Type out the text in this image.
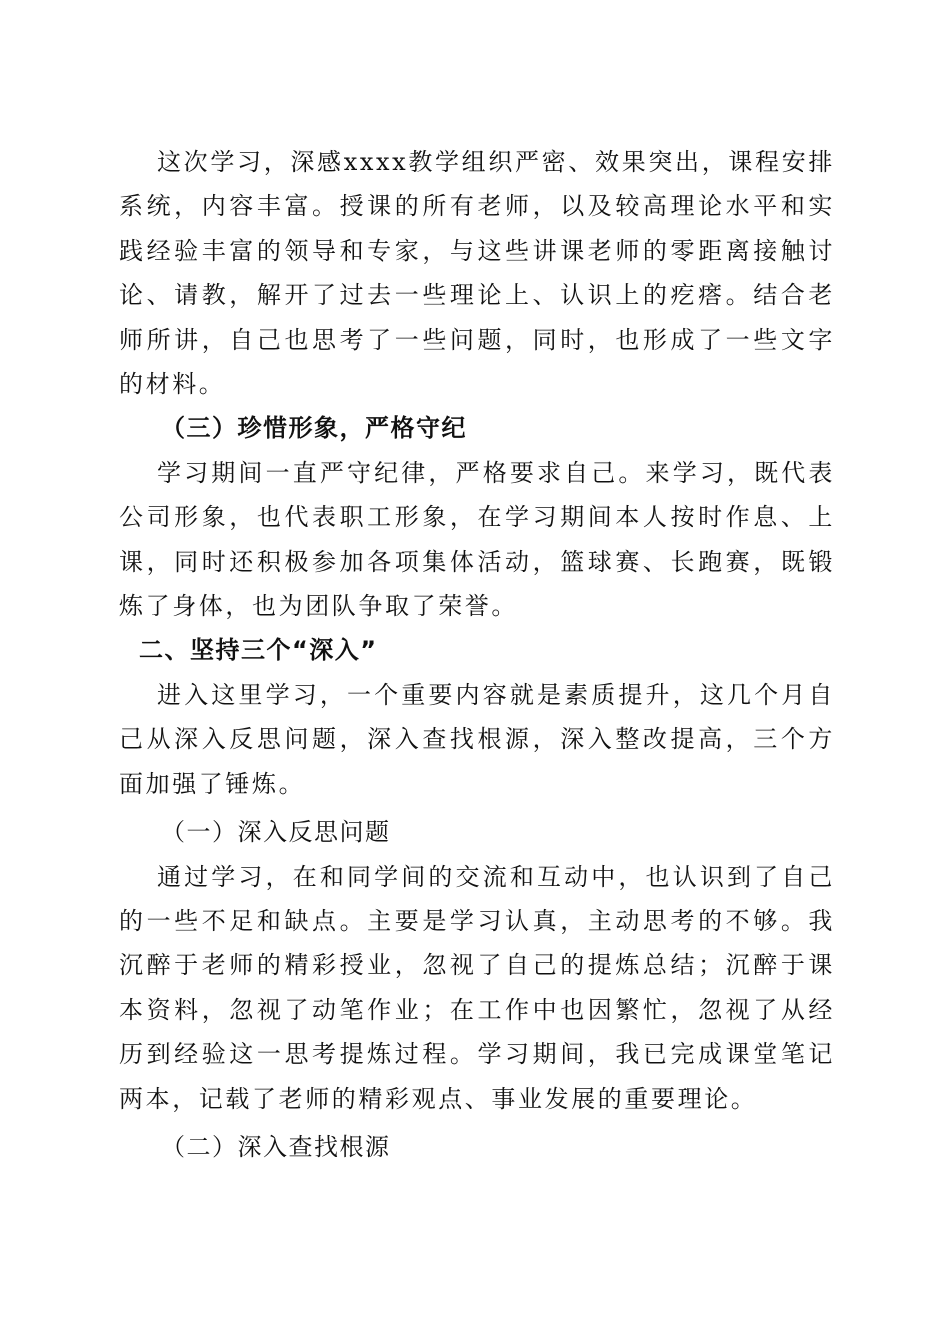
这次学习，深感xxxx教学组织严密、效果突出，课程安排系统，内容丰富。授课的所有老师，以及较高理论水平和实践经验丰富的领导和专家，与这些讲课老师的零距离接触讨论、请教，解开了过去一些理论上、认识上的疙瘩。结合老师所讲，自己也思考了一些问题，同时，也形成了一些文字的材料。

（三）珍惜形象，严格守纪

学习期间一直严守纪律，严格要求自己。来学习，既代表公司形象，也代表职工形象，在学习期间本人按时作息、上课，同时还积极参加各项集体活动，篮球赛、长跑赛，既锻炼了身体，也为团队争取了荣誉。

二、坚持三个“深入”

进入这里学习，一个重要内容就是素质提升，这几个月自己从深入反思问题，深入查找根源，深入整改提高，三个方面加强了锤炼。

（一）深入反思问题

通过学习，在和同学间的交流和互动中，也认识到了自己的一些不足和缺点。主要是学习认真，主动思考的不够。我沉醉于老师的精彩授业，忽视了自己的提炼总结；沉醉于课本资料，忽视了动笔作业；在工作中也因繁忙，忽视了从经历到经验这一思考提炼过程。学习期间，我已完成课堂笔记两本，记载了老师的精彩观点、事业发展的重要理论。

（二）深入查找根源
